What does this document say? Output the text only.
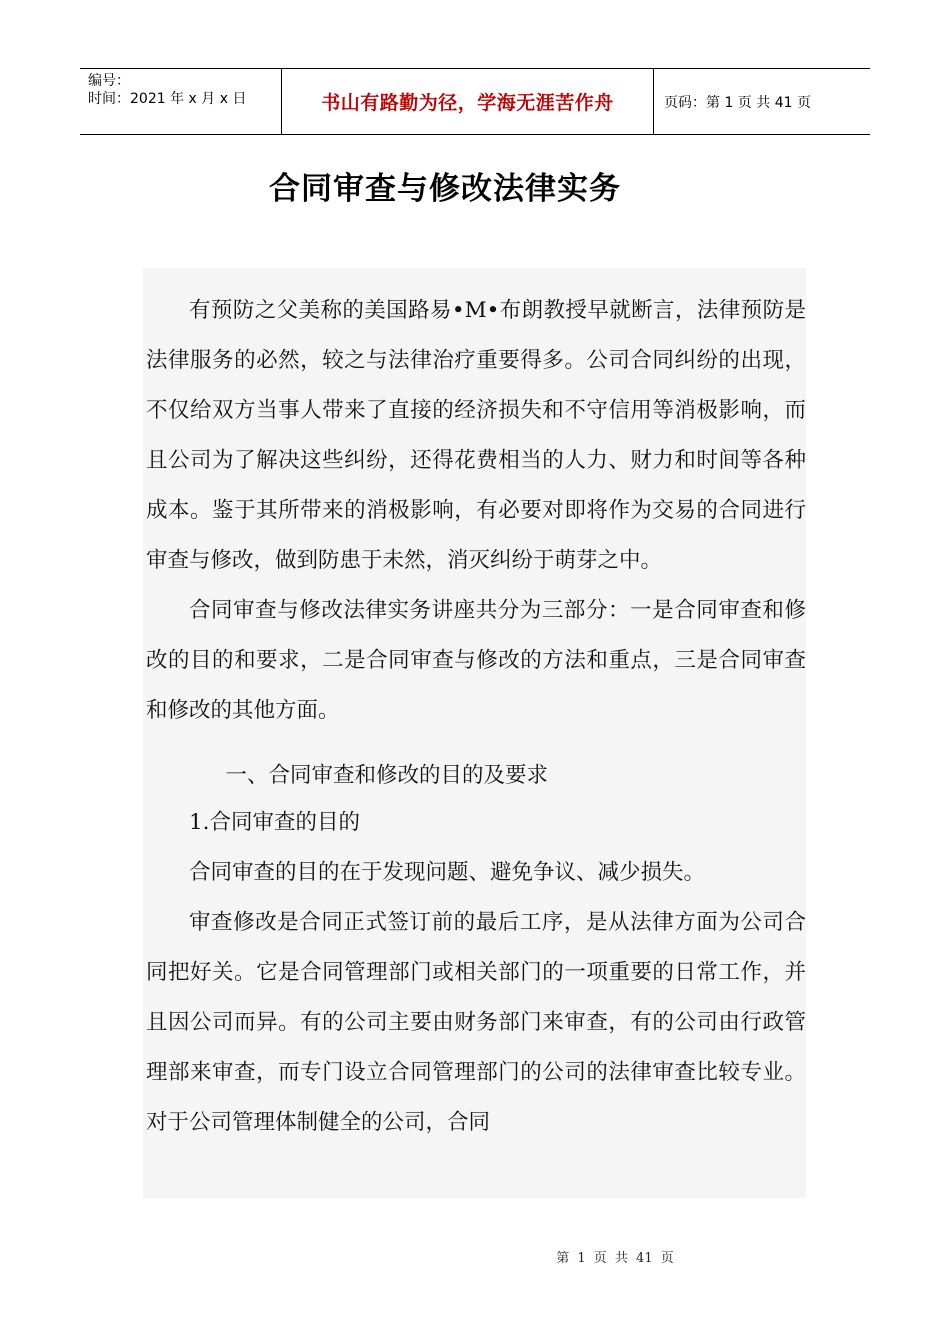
编号：
时间：2021 年 x 月 x 日	书山有路勤为径，学海无涯苦作舟	页码：第 1 页 共 41 页
合同审查与修改法律实务

有预防之父美称的美国路易•M•布朗教授早就断言，法律预防是法律服务的必然，较之与法律治疗重要得多。公司合同纠纷的出现，不仅给双方当事人带来了直接的经济损失和不守信用等消极影响，而且公司为了解决这些纠纷，还得花费相当的人力、财力和时间等各种成本。鉴于其所带来的消极影响，有必要对即将作为交易的合同进行审查与修改，做到防患于未然，消灭纠纷于萌芽之中。

合同审查与修改法律实务讲座共分为三部分：一是合同审查和修改的目的和要求，二是合同审查与修改的方法和重点，三是合同审查和修改的其他方面。

一、合同审查和修改的目的及要求

1.合同审查的目的

合同审查的目的在于发现问题、避免争议、减少损失。

审查修改是合同正式签订前的最后工序，是从法律方面为公司合同把好关。它是合同管理部门或相关部门的一项重要的日常工作，并且因公司而异。有的公司主要由财务部门来审查，有的公司由行政管理部来审查，而专门设立合同管理部门的公司的法律审查比较专业。对于公司管理体制健全的公司，合同

第 1 页 共 41 页
